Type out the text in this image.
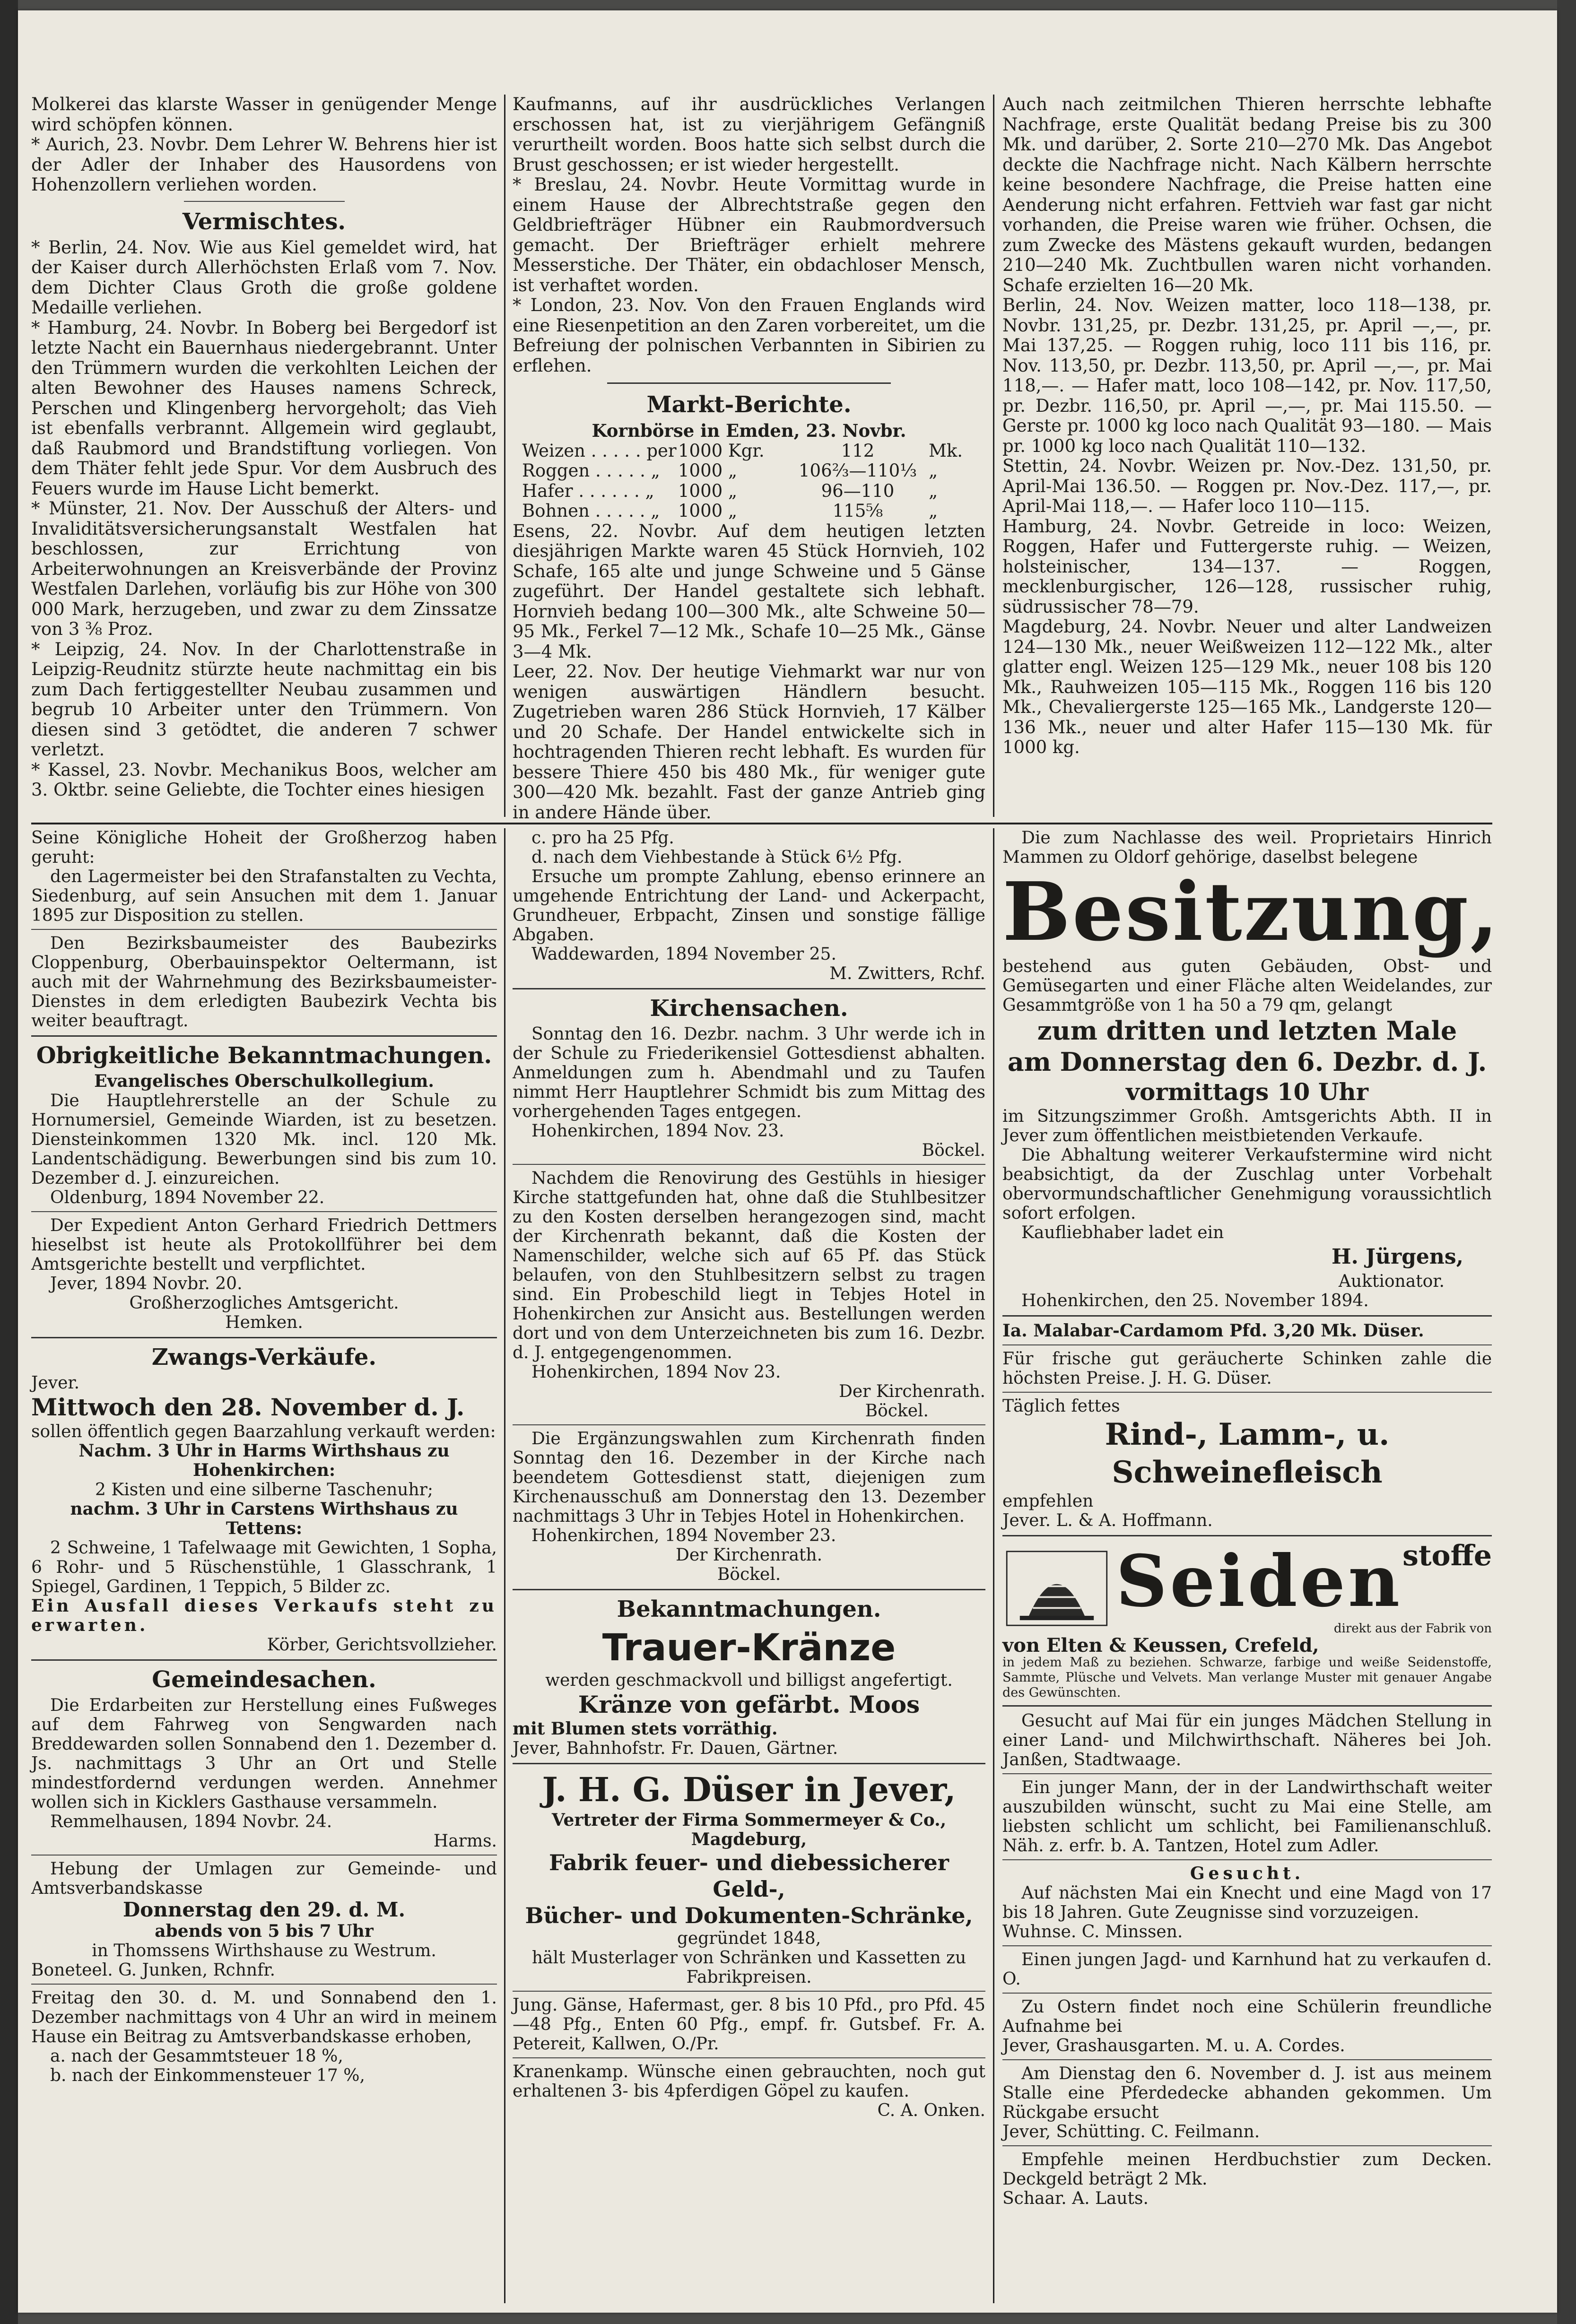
Molkerei das klarste Wasser in genügender Menge wird schöpfen können.

* Aurich, 23. Novbr. Dem Lehrer W. Behrens hier ist der Adler der Inhaber des Hausordens von Hohenzollern verliehen worden.

Vermischtes.

* Berlin, 24. Nov. Wie aus Kiel gemeldet wird, hat der Kaiser durch Allerhöchsten Erlaß vom 7. Nov. dem Dichter Claus Groth die große goldene Medaille verliehen.

* Hamburg, 24. Novbr. In Boberg bei Bergedorf ist letzte Nacht ein Bauernhaus niedergebrannt. Unter den Trümmern wurden die verkohlten Leichen der alten Bewohner des Hauses namens Schreck, Perschen und Klingenberg hervorgeholt; das Vieh ist ebenfalls verbrannt. Allgemein wird geglaubt, daß Raubmord und Brandstiftung vorliegen. Von dem Thäter fehlt jede Spur. Vor dem Ausbruch des Feuers wurde im Hause Licht bemerkt.

* Münster, 21. Nov. Der Ausschuß der Alters- und Invaliditätsversicherungsanstalt Westfalen hat beschlossen, zur Errichtung von Arbeiterwohnungen an Kreisverbände der Provinz Westfalen Darlehen, vorläufig bis zur Höhe von 300 000 Mark, herzugeben, und zwar zu dem Zinssatze von 3 ⅜ Proz.

* Leipzig, 24. Nov. In der Charlottenstraße in Leipzig-Reudnitz stürzte heute nachmittag ein bis zum Dach fertiggestellter Neubau zusammen und begrub 10 Arbeiter unter den Trümmern. Von diesen sind 3 getödtet, die anderen 7 schwer verletzt.

* Kassel, 23. Novbr. Mechanikus Boos, welcher am 3. Oktbr. seine Geliebte, die Tochter eines hiesigen

Kaufmanns, auf ihr ausdrückliches Verlangen erschossen hat, ist zu vierjährigem Gefängniß verurtheilt worden. Boos hatte sich selbst durch die Brust geschossen; er ist wieder hergestellt.

* Breslau, 24. Novbr. Heute Vormittag wurde in einem Hause der Albrechtstraße gegen den Geldbriefträger Hübner ein Raubmordversuch gemacht. Der Briefträger erhielt mehrere Messerstiche. Der Thäter, ein obdachloser Mensch, ist verhaftet worden.

* London, 23. Nov. Von den Frauen Englands wird eine Riesenpetition an den Zaren vorbereitet, um die Befreiung der polnischen Verbannten in Sibirien zu erflehen.

Markt-Berichte.
Kornbörse in Emden, 23. Novbr.
Weizen . . . . . per 1000 Kgr.	112	Mk.
Roggen . . . . . „	1000 „	106⅔—110⅓ „
Hafer . . . . . . „	1000 „	96—110	„
Bohnen . . . . . „	1000 „	115⅝	„

Esens, 22. Novbr. Auf dem heutigen letzten diesjährigen Markte waren 45 Stück Hornvieh, 102 Schafe, 165 alte und junge Schweine und 5 Gänse zugeführt. Der Handel gestaltete sich lebhaft. Hornvieh bedang 100—300 Mk., alte Schweine 50—95 Mk., Ferkel 7—12 Mk., Schafe 10—25 Mk., Gänse 3—4 Mk.

Leer, 22. Nov. Der heutige Viehmarkt war nur von wenigen auswärtigen Händlern besucht. Zugetrieben waren 286 Stück Hornvieh, 17 Kälber und 20 Schafe. Der Handel entwickelte sich in hochtragenden Thieren recht lebhaft. Es wurden für bessere Thiere 450 bis 480 Mk., für weniger gute 300—420 Mk. bezahlt. Fast der ganze Antrieb ging in andere Hände über.

Auch nach zeitmilchen Thieren herrschte lebhafte Nachfrage, erste Qualität bedang Preise bis zu 300 Mk. und darüber, 2. Sorte 210—270 Mk. Das Angebot deckte die Nachfrage nicht. Nach Kälbern herrschte keine besondere Nachfrage, die Preise hatten eine Aenderung nicht erfahren. Fettvieh war fast gar nicht vorhanden, die Preise waren wie früher. Ochsen, die zum Zwecke des Mästens gekauft wurden, bedangen 210—240 Mk. Zuchtbullen waren nicht vorhanden. Schafe erzielten 16—20 Mk.

Berlin, 24. Nov. Weizen matter, loco 118—138, pr. Novbr. 131,25, pr. Dezbr. 131,25, pr. April —,—, pr. Mai 137,25. — Roggen ruhig, loco 111 bis 116, pr. Nov. 113,50, pr. Dezbr. 113,50, pr. April —,—, pr. Mai 118,—. — Hafer matt, loco 108—142, pr. Nov. 117,50, pr. Dezbr. 116,50, pr. April —,—, pr. Mai 115.50. — Gerste pr. 1000 kg loco nach Qualität 93—180. — Mais pr. 1000 kg loco nach Qualität 110—132.

Stettin, 24. Novbr. Weizen pr. Nov.-Dez. 131,50, pr. April-Mai 136.50. — Roggen pr. Nov.-Dez. 117,—, pr. April-Mai 118,—. — Hafer loco 110—115.

Hamburg, 24. Novbr. Getreide in loco: Weizen, Roggen, Hafer und Futtergerste ruhig. — Weizen, holsteinischer, 134—137. — Roggen, mecklenburgischer, 126—128, russischer ruhig, südrussischer 78—79.

Magdeburg, 24. Novbr. Neuer und alter Landweizen 124—130 Mk., neuer Weißweizen 112—122 Mk., alter glatter engl. Weizen 125—129 Mk., neuer 108 bis 120 Mk., Rauhweizen 105—115 Mk., Roggen 116 bis 120 Mk., Chevaliergerste 125—165 Mk., Landgerste 120—136 Mk., neuer und alter Hafer 115—130 Mk. für 1000 kg.

Seine Königliche Hoheit der Großherzog haben geruht:

den Lagermeister bei den Strafanstalten zu Vechta, Siedenburg, auf sein Ansuchen mit dem 1. Januar 1895 zur Disposition zu stellen.

Den Bezirksbaumeister des Baubezirks Cloppenburg, Oberbauinspektor Oeltermann, ist auch mit der Wahrnehmung des Bezirksbaumeister-Dienstes in dem erledigten Baubezirk Vechta bis weiter beauftragt.

Obrigkeitliche Bekanntmachungen.
Evangelisches Oberschulkollegium.

Die Hauptlehrerstelle an der Schule zu Hornumersiel, Gemeinde Wiarden, ist zu besetzen. Diensteinkommen 1320 Mk. incl. 120 Mk. Landentschädigung. Bewerbungen sind bis zum 10. Dezember d. J. einzureichen.

Oldenburg, 1894 November 22.

Der Expedient Anton Gerhard Friedrich Dettmers hieselbst ist heute als Protokollführer bei dem Amtsgerichte bestellt und verpflichtet.

Jever, 1894 Novbr. 20.

Großherzogliches Amtsgericht.

Hemken.

Zwangs-Verkäufe.

Jever.

Mittwoch den 28. November d. J.

sollen öffentlich gegen Baarzahlung verkauft werden:

Nachm. 3 Uhr in Harms Wirthshaus zu Hohenkirchen:

2 Kisten und eine silberne Taschenuhr;

nachm. 3 Uhr in Carstens Wirthshaus zu Tettens:

2 Schweine, 1 Tafelwaage mit Gewichten, 1 Sopha, 6 Rohr- und 5 Rüschenstühle, 1 Glasschrank, 1 Spiegel, Gardinen, 1 Teppich, 5 Bilder zc.

Ein Ausfall dieses Verkaufs steht zu erwarten.

Körber, Gerichtsvollzieher.

Gemeindesachen.

Die Erdarbeiten zur Herstellung eines Fußweges auf dem Fahrweg von Sengwarden nach Breddewarden sollen Sonnabend den 1. Dezember d. Js. nachmittags 3 Uhr an Ort und Stelle mindestfordernd verdungen werden. Annehmer wollen sich in Kicklers Gasthause versammeln.

Remmelhausen, 1894 Novbr. 24.

Harms.

Hebung der Umlagen zur Gemeinde- und Amtsverbandskasse

Donnerstag den 29. d. M.

abends von 5 bis 7 Uhr

in Thomssens Wirthshause zu Westrum.

Boneteel. G. Junken, Rchnfr.

Freitag den 30. d. M. und Sonnabend den 1. Dezember nachmittags von 4 Uhr an wird in meinem Hause ein Beitrag zu Amtsverbandskasse erhoben,

a. nach der Gesammtsteuer 18 %,

b. nach der Einkommensteuer 17 %,

c. pro ha 25 Pfg.

d. nach dem Viehbestande à Stück 6½ Pfg.

Ersuche um prompte Zahlung, ebenso erinnere an umgehende Entrichtung der Land- und Ackerpacht, Grundheuer, Erbpacht, Zinsen und sonstige fällige Abgaben.

Waddewarden, 1894 November 25.

M. Zwitters, Rchf.

Kirchensachen.

Sonntag den 16. Dezbr. nachm. 3 Uhr werde ich in der Schule zu Friederikensiel Gottesdienst abhalten. Anmeldungen zum h. Abendmahl und zu Taufen nimmt Herr Hauptlehrer Schmidt bis zum Mittag des vorhergehenden Tages entgegen.

Hohenkirchen, 1894 Nov. 23.

Böckel.

Nachdem die Renovirung des Gestühls in hiesiger Kirche stattgefunden hat, ohne daß die Stuhlbesitzer zu den Kosten derselben herangezogen sind, macht der Kirchenrath bekannt, daß die Kosten der Namenschilder, welche sich auf 65 Pf. das Stück belaufen, von den Stuhlbesitzern selbst zu tragen sind. Ein Probeschild liegt in Tebjes Hotel in Hohenkirchen zur Ansicht aus. Bestellungen werden dort und von dem Unterzeichneten bis zum 16. Dezbr. d. J. entgegengenommen.

Hohenkirchen, 1894 Nov 23.

Der Kirchenrath.

Böckel.

Die Ergänzungswahlen zum Kirchenrath finden Sonntag den 16. Dezember in der Kirche nach beendetem Gottesdienst statt, diejenigen zum Kirchenausschuß am Donnerstag den 13. Dezember nachmittags 3 Uhr in Tebjes Hotel in Hohenkirchen.

Hohenkirchen, 1894 November 23.

Der Kirchenrath.

Böckel.

Bekanntmachungen.
Trauer-Kränze

werden geschmackvoll und billigst angefertigt.

Kränze von gefärbt. Moos

mit Blumen stets vorräthig.

Jever, Bahnhofstr. Fr. Dauen, Gärtner.

J. H. G. Düser in Jever,

Vertreter der Firma Sommermeyer & Co., Magdeburg,

Fabrik feuer- und diebessicherer Geld-,
Bücher- und Dokumenten-Schränke,

gegründet 1848,

hält Musterlager von Schränken und Kassetten zu Fabrikpreisen.

Jung. Gänse, Hafermast, ger. 8 bis 10 Pfd., pro Pfd. 45—48 Pfg., Enten 60 Pfg., empf. fr. Gutsbef. Fr. A. Petereit, Kallwen, O./Pr.

Kranenkamp. Wünsche einen gebrauchten, noch gut erhaltenen 3- bis 4pferdigen Göpel zu kaufen.

C. A. Onken.

Die zum Nachlasse des weil. Proprietairs Hinrich Mammen zu Oldorf gehörige, daselbst belegene

Besitzung,

bestehend aus guten Gebäuden, Obst- und Gemüsegarten und einer Fläche alten Weidelandes, zur Gesammtgröße von 1 ha 50 a 79 qm, gelangt

zum dritten und letzten Male
am Donnerstag den 6. Dezbr. d. J.
vormittags 10 Uhr

im Sitzungszimmer Großh. Amtsgerichts Abth. II in Jever zum öffentlichen meistbietenden Verkaufe.

Die Abhaltung weiterer Verkaufstermine wird nicht beabsichtigt, da der Zuschlag unter Vorbehalt obervormundschaftlicher Genehmigung voraussichtlich sofort erfolgen.

Kaufliebhaber ladet ein

H. Jürgens,

Auktionator.

Hohenkirchen, den 25. November 1894.

Ia. Malabar-Cardamom Pfd. 3,20 Mk. Düser.

Für frische gut geräucherte Schinken zahle die höchsten Preise. J. H. G. Düser.

Täglich fettes

Rind-, Lamm-, u. Schweinefleisch

empfehlen

Jever. L. & A. Hoffmann.

Seidenstoffe
direkt aus der Fabrik von

von Elten & Keussen, Crefeld,

in jedem Maß zu beziehen. Schwarze, farbige und weiße Seidenstoffe, Sammte, Plüsche und Velvets. Man verlange Muster mit genauer Angabe des Gewünschten.

Gesucht auf Mai für ein junges Mädchen Stellung in einer Land- und Milchwirthschaft. Näheres bei Joh. Janßen, Stadtwaage.

Ein junger Mann, der in der Landwirthschaft weiter auszubilden wünscht, sucht zu Mai eine Stelle, am liebsten schlicht um schlicht, bei Familienanschluß. Näh. z. erfr. b. A. Tantzen, Hotel zum Adler.

Gesucht.

Auf nächsten Mai ein Knecht und eine Magd von 17 bis 18 Jahren. Gute Zeugnisse sind vorzuzeigen.

Wuhnse. C. Minssen.

Einen jungen Jagd- und Karnhund hat zu verkaufen d. O.

Zu Ostern findet noch eine Schülerin freundliche Aufnahme bei

Jever, Grashausgarten. M. u. A. Cordes.

Am Dienstag den 6. November d. J. ist aus meinem Stalle eine Pferdedecke abhanden gekommen. Um Rückgabe ersucht

Jever, Schütting. C. Feilmann.

Empfehle meinen Herdbuchstier zum Decken. Deckgeld beträgt 2 Mk.

Schaar. A. Lauts.
